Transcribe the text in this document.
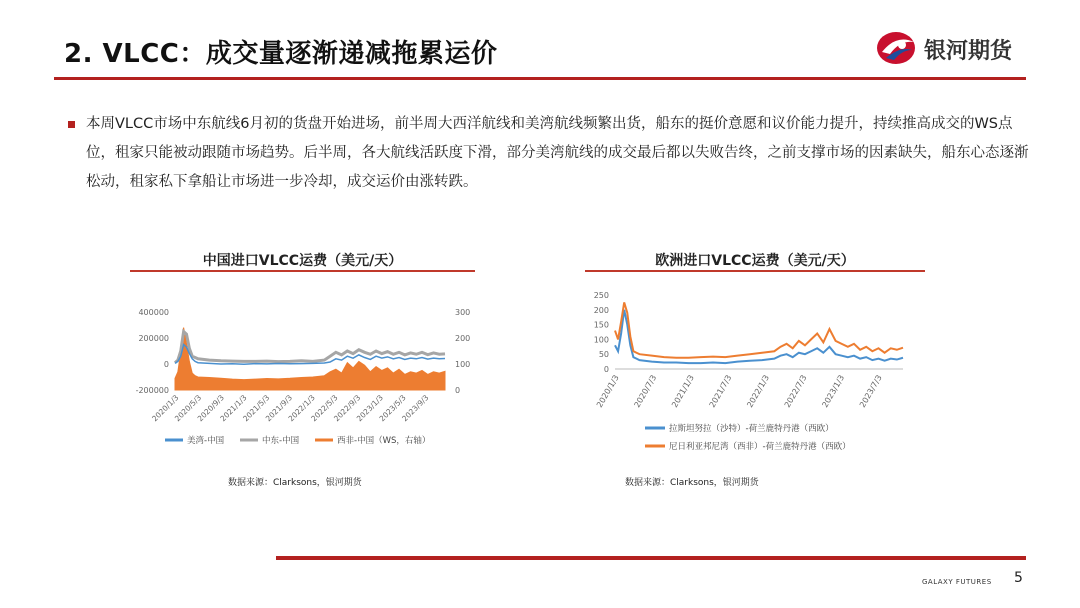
2. VLCC：成交量逐渐递减拖累运价	银河期货
本周VLCC市场中东航线6月初的货盘开始进场，前半周大西洋航线和美湾航线频繁出货，船东的挺价意愿和议价能力提升，持续推高成交的WS点位，租家只能被动跟随市场趋势。后半周，各大航线活跃度下滑，部分美湾航线的成交最后都以失败告终，之前支撑市场的因素缺失，船东心态逐渐松动，租家私下拿船让市场进一步冷却，成交运价由涨转跌。
中国进口VLCC运费（美元/天）
400000
200000
0
-200000
300
200
100
0
2020/1/3
2020/5/3
2020/9/3
2021/1/3
2021/5/3
2021/9/3
2022/1/3
2022/5/3
2022/9/3
2023/1/3
2023/5/3
2023/9/3
美湾-中国	中东-中国	西非-中国（WS，右轴）
数据来源：Clarksons，银河期货
欧洲进口VLCC运费（美元/天）
250
200
150
100
50
0
2020/1/3 2020/7/3 2021/1/3 2021/7/3 2022/1/3 2022/7/3 2023/1/3 2023/7/3
拉斯坦努拉（沙特）-荷兰鹿特丹港（西欧）
尼日利亚邦尼湾（西非）-荷兰鹿特丹港（西欧）
数据来源：Clarksons，银河期货
GALAXY FUTURES 5
